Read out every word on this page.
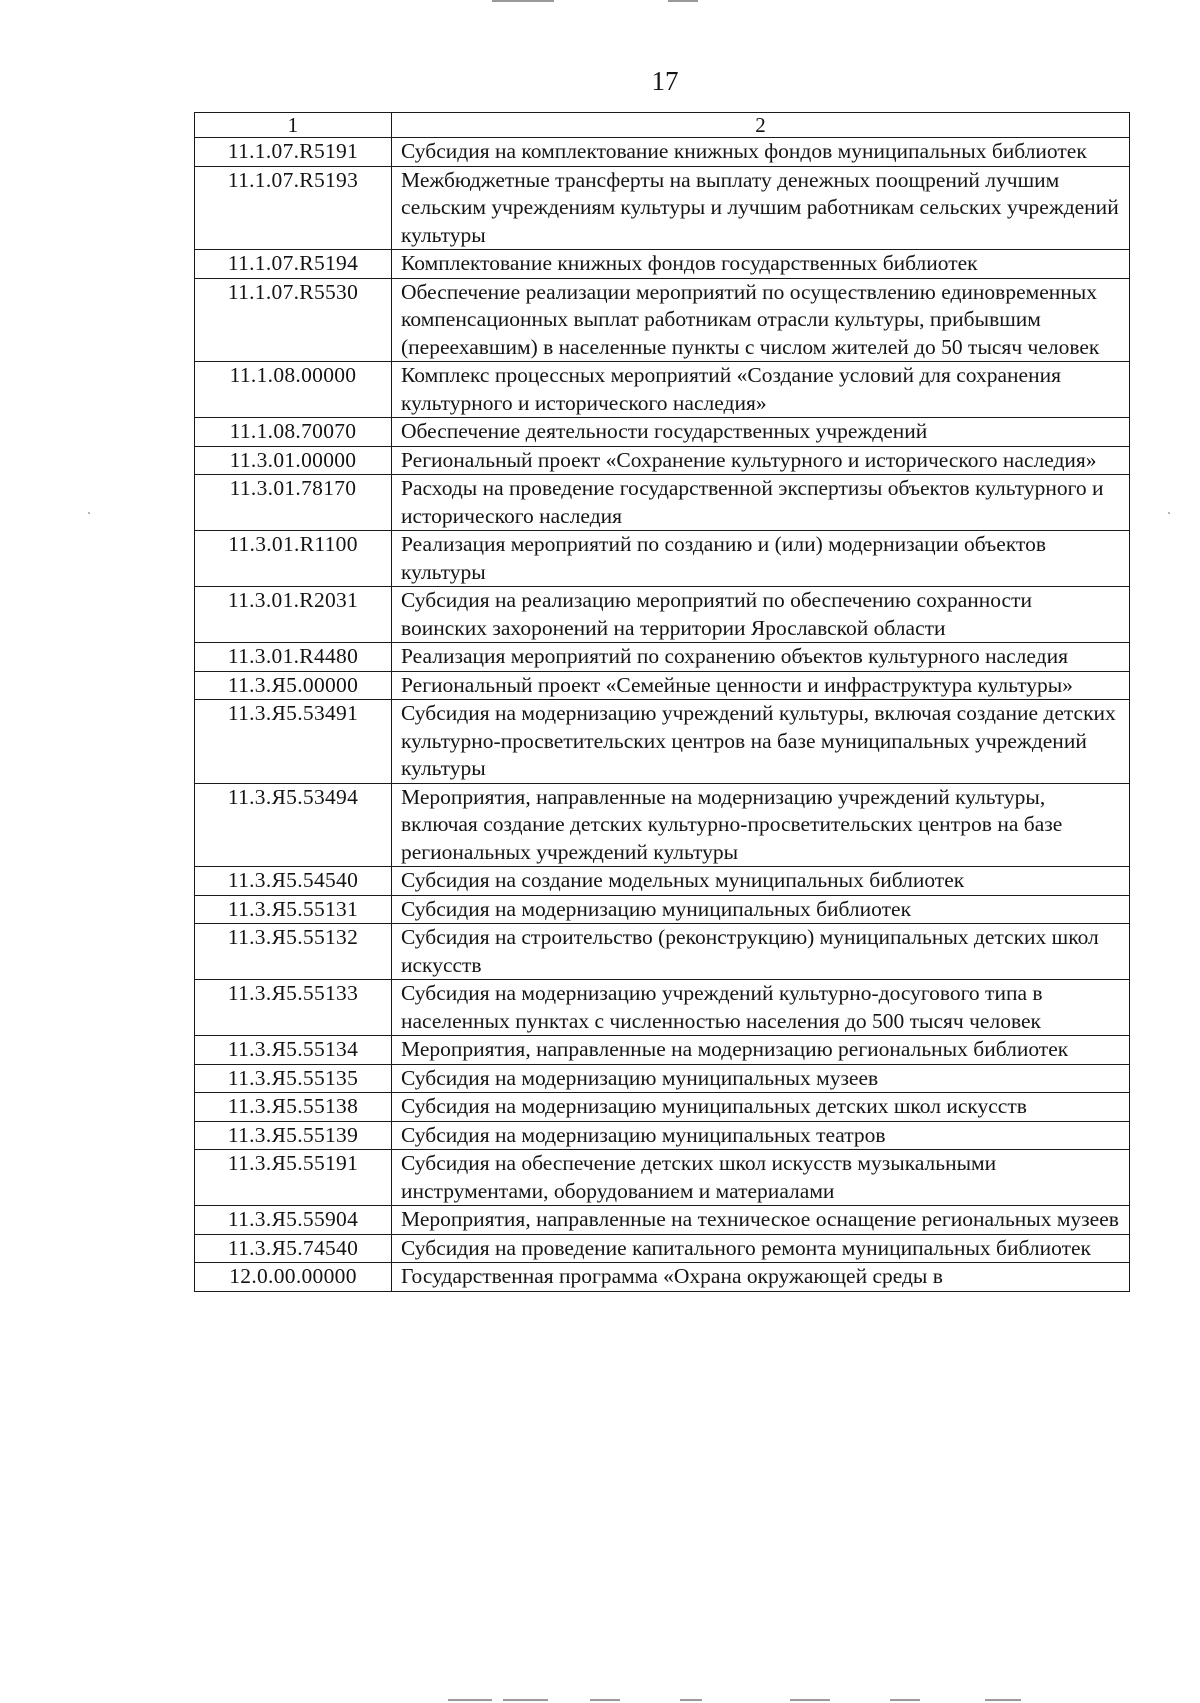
17
1	2
11.1.07.R5191	Субсидия на комплектование книжных фондов муниципальных библиотек
11.1.07.R5193	Межбюджетные трансферты на выплату денежных поощрений лучшим сельским учреждениям культуры и лучшим работникам сельских учреждений культуры
11.1.07.R5194	Комплектование книжных фондов государственных библиотек
11.1.07.R5530	Обеспечение реализации мероприятий по осуществлению единовременных компенсационных выплат работникам отрасли культуры, прибывшим (переехавшим) в населенные пункты с числом жителей до 50 тысяч человек
11.1.08.00000	Комплекс процессных мероприятий «Создание условий для сохранения культурного и исторического наследия»
11.1.08.70070	Обеспечение деятельности государственных учреждений
11.3.01.00000	Региональный проект «Сохранение культурного и исторического наследия»
11.3.01.78170	Расходы на проведение государственной экспертизы объектов культурного и исторического наследия
11.3.01.R1100	Реализация мероприятий по созданию и (или) модернизации объектов культуры
11.3.01.R2031	Субсидия на реализацию мероприятий по обеспечению сохранности воинских захоронений на территории Ярославской области
11.3.01.R4480	Реализация мероприятий по сохранению объектов культурного наследия
11.3.Я5.00000	Региональный проект «Семейные ценности и инфраструктура культуры»
11.3.Я5.53491	Субсидия на модернизацию учреждений культуры, включая создание детских культурно-просветительских центров на базе муниципальных учреждений культуры
11.3.Я5.53494	Мероприятия, направленные на модернизацию учреждений культуры, включая создание детских культурно-просветительских центров на базе региональных учреждений культуры
11.3.Я5.54540	Субсидия на создание модельных муниципальных библиотек
11.3.Я5.55131	Субсидия на модернизацию муниципальных библиотек
11.3.Я5.55132	Субсидия на строительство (реконструкцию) муниципальных детских школ искусств
11.3.Я5.55133	Субсидия на модернизацию учреждений культурно-досугового типа в населенных пунктах с численностью населения до 500 тысяч человек
11.3.Я5.55134	Мероприятия, направленные на модернизацию региональных библиотек
11.3.Я5.55135	Субсидия на модернизацию муниципальных музеев
11.3.Я5.55138	Субсидия на модернизацию муниципальных детских школ искусств
11.3.Я5.55139	Субсидия на модернизацию муниципальных театров
11.3.Я5.55191	Субсидия на обеспечение детских школ искусств музыкальными инструментами, оборудованием и материалами
11.3.Я5.55904	Мероприятия, направленные на техническое оснащение региональных музеев
11.3.Я5.74540	Субсидия на проведение капитального ремонта муниципальных библиотек
12.0.00.00000	Государственная программа «Охрана окружающей среды в
